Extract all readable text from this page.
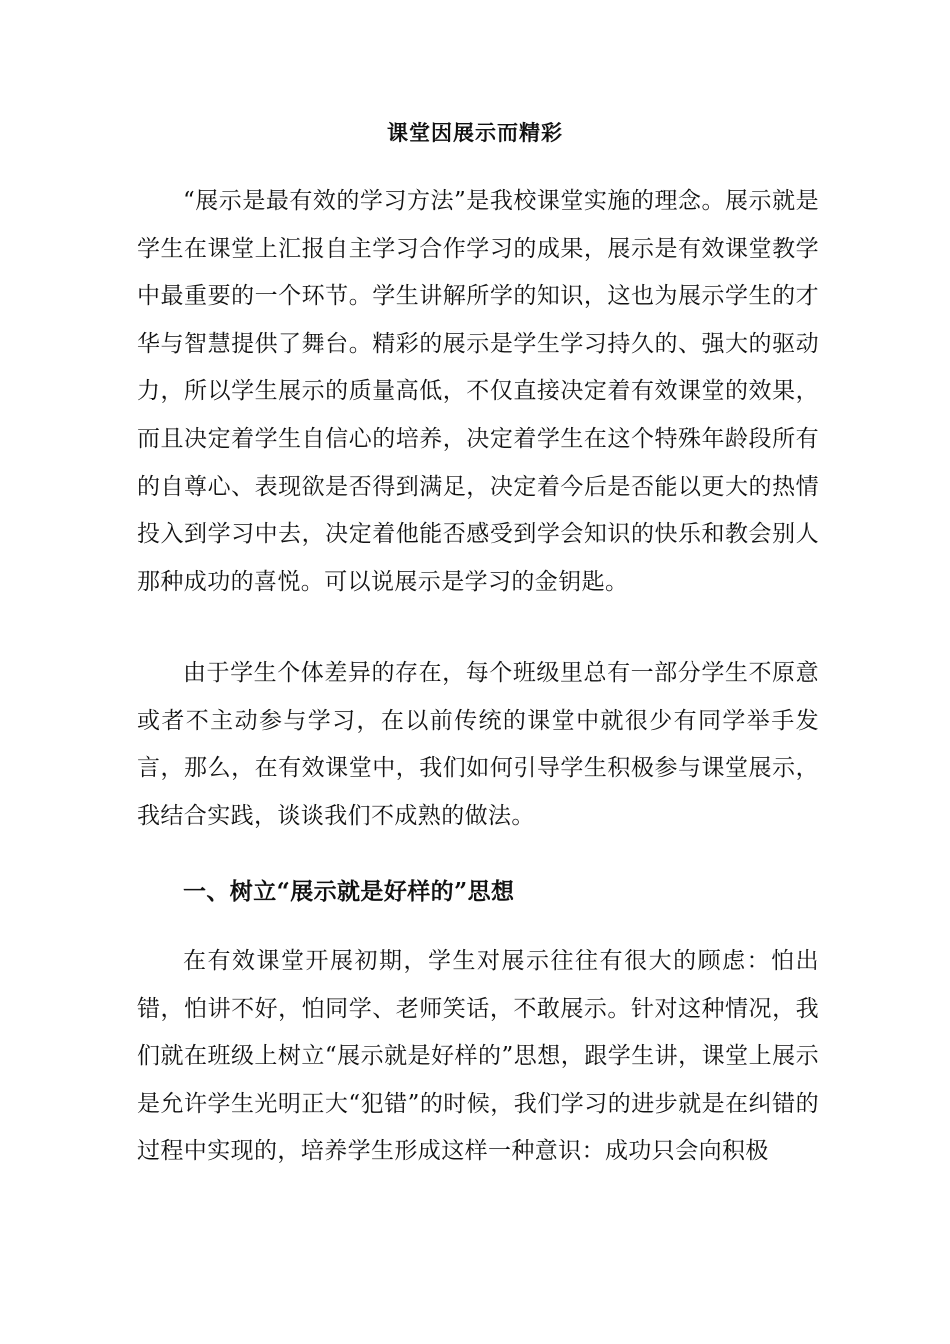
课堂因展示而精彩

“展示是最有效的学习方法”是我校课堂实施的理念。展示就是学生在课堂上汇报自主学习合作学习的成果，展示是有效课堂教学中最重要的一个环节。学生讲解所学的知识，这也为展示学生的才华与智慧提供了舞台。精彩的展示是学生学习持久的、强大的驱动力，所以学生展示的质量高低，不仅直接决定着有效课堂的效果，而且决定着学生自信心的培养，决定着学生在这个特殊年龄段所有的自尊心、表现欲是否得到满足，决定着今后是否能以更大的热情投入到学习中去，决定着他能否感受到学会知识的快乐和教会别人那种成功的喜悦。可以说展示是学习的金钥匙。

由于学生个体差异的存在，每个班级里总有一部分学生不原意或者不主动参与学习，在以前传统的课堂中就很少有同学举手发言，那么，在有效课堂中，我们如何引导学生积极参与课堂展示，我结合实践，谈谈我们不成熟的做法。

一、树立“展示就是好样的”思想

在有效课堂开展初期，学生对展示往往有很大的顾虑：怕出错，怕讲不好，怕同学、老师笑话，不敢展示。针对这种情况，我们就在班级上树立“展示就是好样的”思想，跟学生讲，课堂上展示是允许学生光明正大“犯错”的时候，我们学习的进步就是在纠错的过程中实现的，培养学生形成这样一种意识：成功只会向积极
